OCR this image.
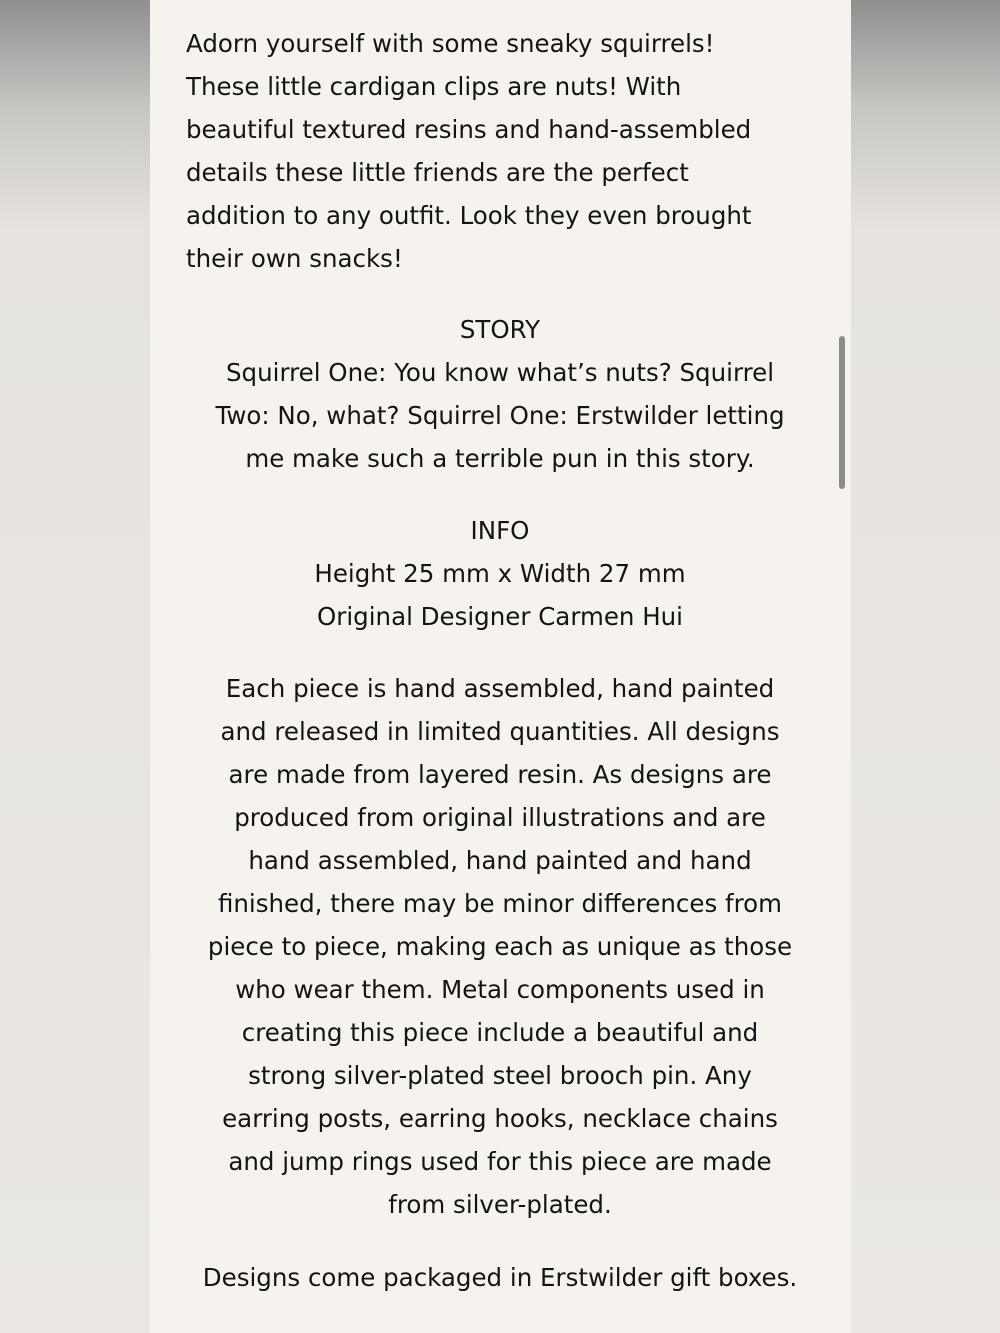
Adorn yourself with some sneaky squirrels!
These little cardigan clips are nuts! With
beautiful textured resins and hand-assembled
details these little friends are the perfect
addition to any outfit. Look they even brought
their own snacks!
STORY
Squirrel One: You know what’s nuts? Squirrel
Two: No, what? Squirrel One: Erstwilder letting
me make such a terrible pun in this story.
INFO
Height 25 mm x Width 27 mm
Original Designer Carmen Hui
Each piece is hand assembled, hand painted
and released in limited quantities. All designs
are made from layered resin. As designs are
produced from original illustrations and are
hand assembled, hand painted and hand
finished, there may be minor differences from
piece to piece, making each as unique as those
who wear them. Metal components used in
creating this piece include a beautiful and
strong silver-plated steel brooch pin. Any
earring posts, earring hooks, necklace chains
and jump rings used for this piece are made
from silver-plated.
Designs come packaged in Erstwilder gift boxes.
